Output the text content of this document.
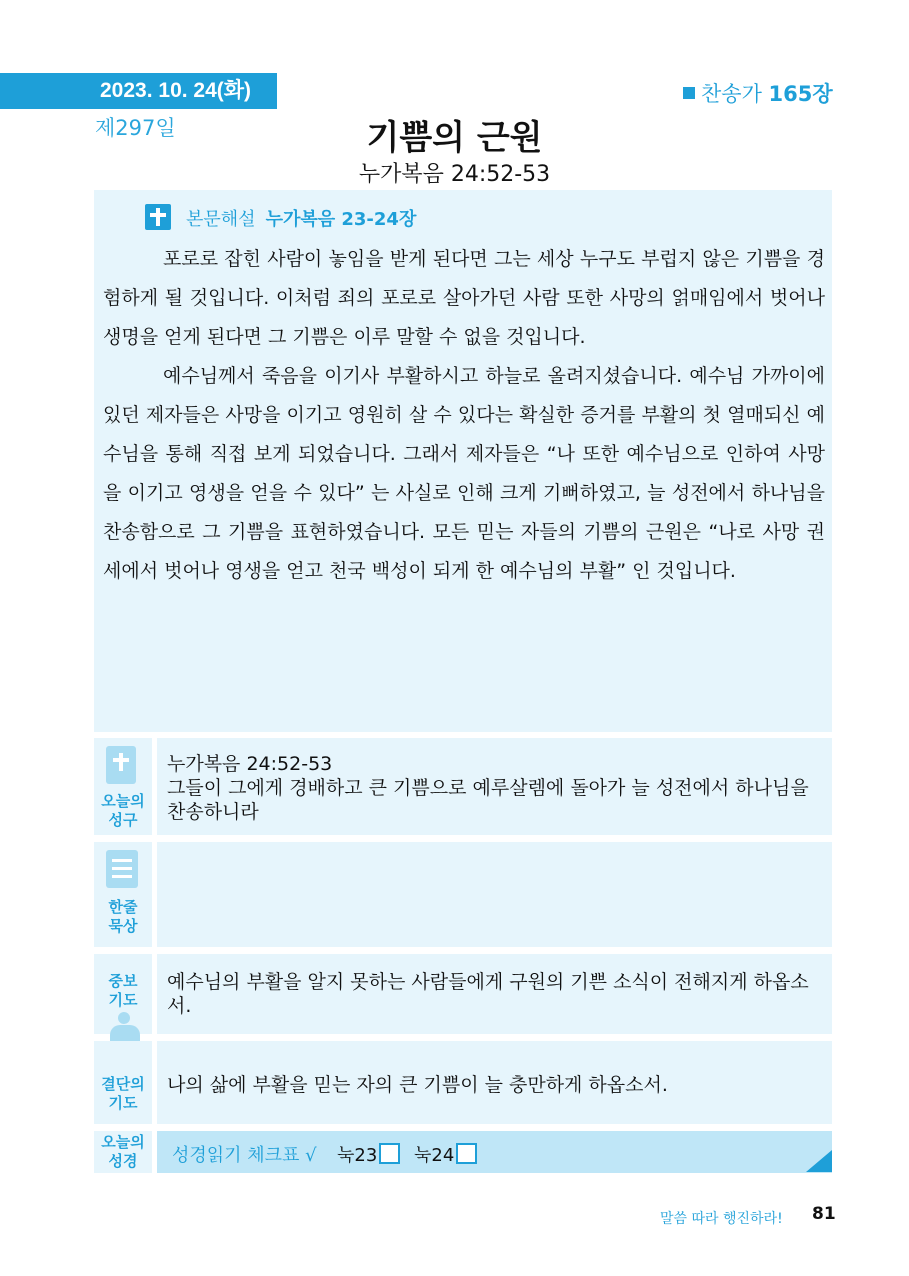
2023. 10. 24(화)
제297일
찬송가 165장
기쁨의 근원
누가복음 24:52-53
본문해설 누가복음 23-24장

포로로 잡힌 사람이 놓임을 받게 된다면 그는 세상 누구도 부럽지 않은 기쁨을 경험하게 될 것입니다. 이처럼 죄의 포로로 살아가던 사람 또한 사망의 얽매임에서 벗어나 생명을 얻게 된다면 그 기쁨은 이루 말할 수 없을 것입니다.

예수님께서 죽음을 이기사 부활하시고 하늘로 올려지셨습니다. 예수님 가까이에 있던 제자들은 사망을 이기고 영원히 살 수 있다는 확실한 증거를 부활의 첫 열매되신 예수님을 통해 직접 보게 되었습니다. 그래서 제자들은 “나 또한 예수님으로 인하여 사망을 이기고 영생을 얻을 수 있다” 는 사실로 인해 크게 기뻐하였고, 늘 성전에서 하나님을 찬송함으로 그 기쁨을 표현하였습니다. 모든 믿는 자들의 기쁨의 근원은 “나로 사망 권세에서 벗어나 영생을 얻고 천국 백성이 되게 한 예수님의 부활” 인 것입니다.

오늘의
성구
누가복음 24:52-53
그들이 그에게 경배하고 큰 기쁨으로 예루살렘에 돌아가 늘 성전에서 하나님을 찬송하니라
한줄
묵상
중보
기도
예수님의 부활을 알지 못하는 사람들에게 구원의 기쁜 소식이 전해지게 하옵소서.
결단의
기도
나의 삶에 부활을 믿는 자의 큰 기쁨이 늘 충만하게 하옵소서.
오늘의
성경	성경읽기 체크표 √ 눅23	눅24
말씀 따라 행진하라! 81
